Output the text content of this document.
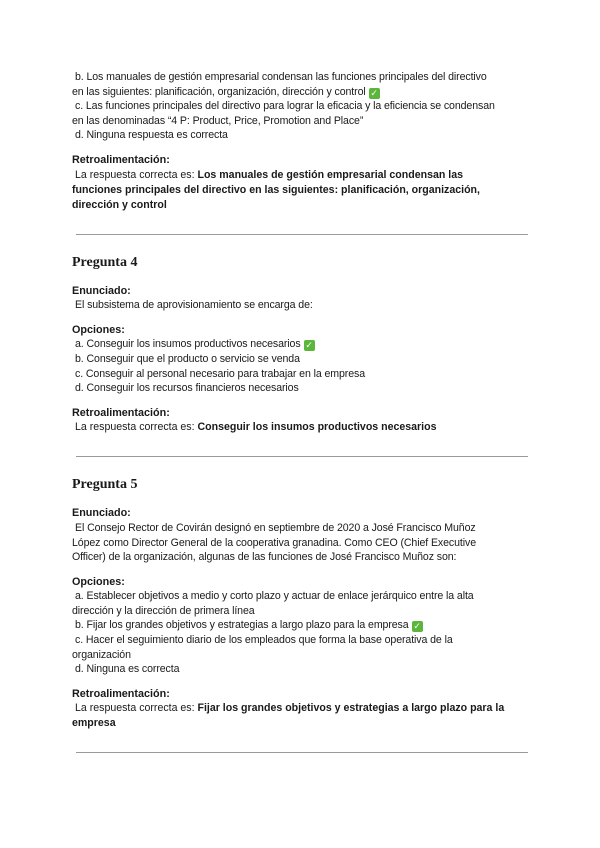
b. Los manuales de gestión empresarial condensan las funciones principales del directivo
en las siguientes: planificación, organización, dirección y control ✓
c. Las funciones principales del directivo para lograr la eficacia y la eficiencia se condensan
en las denominadas “4 P: Product, Price, Promotion and Place”
d. Ninguna respuesta es correcta
Retroalimentación:
La respuesta correcta es: Los manuales de gestión empresarial condensan las
funciones principales del directivo en las siguientes: planificación, organización,
dirección y control
Pregunta 4
Enunciado:
El subsistema de aprovisionamiento se encarga de:
Opciones:
a. Conseguir los insumos productivos necesarios ✓
b. Conseguir que el producto o servicio se venda
c. Conseguir al personal necesario para trabajar en la empresa
d. Conseguir los recursos financieros necesarios
Retroalimentación:
La respuesta correcta es: Conseguir los insumos productivos necesarios
Pregunta 5
Enunciado:
El Consejo Rector de Covirán designó en septiembre de 2020 a José Francisco Muñoz
López como Director General de la cooperativa granadina. Como CEO (Chief Executive
Officer) de la organización, algunas de las funciones de José Francisco Muñoz son:
Opciones:
a. Establecer objetivos a medio y corto plazo y actuar de enlace jerárquico entre la alta
dirección y la dirección de primera línea
b. Fijar los grandes objetivos y estrategias a largo plazo para la empresa ✓
c. Hacer el seguimiento diario de los empleados que forma la base operativa de la
organización
d. Ninguna es correcta
Retroalimentación:
La respuesta correcta es: Fijar los grandes objetivos y estrategias a largo plazo para la
empresa
